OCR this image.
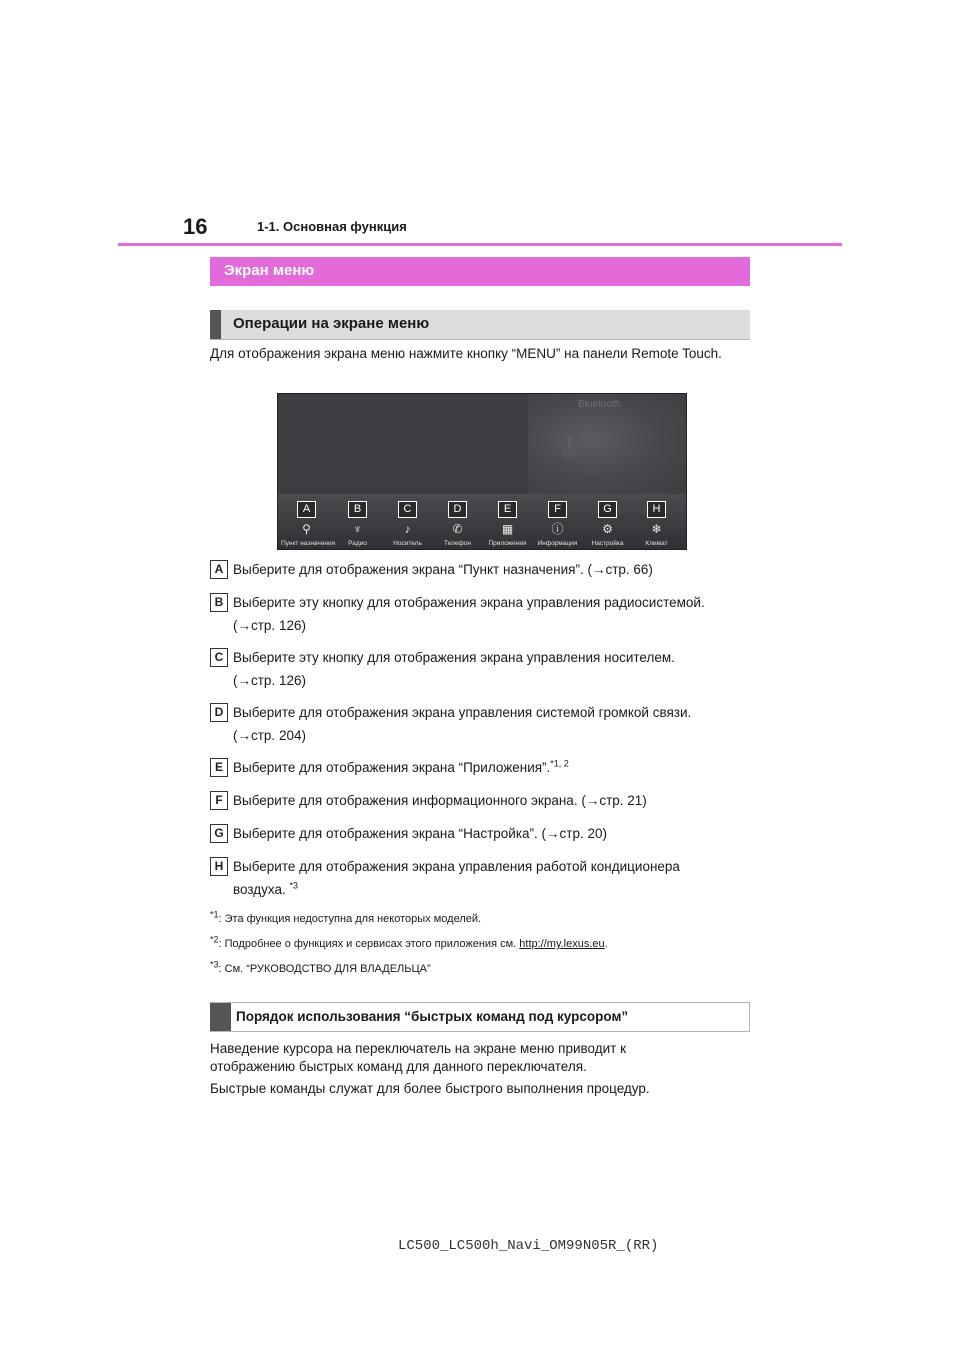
16	1-1. Основная функция
Экран меню
Операции на экране меню
Для отображения экрана меню нажмите кнопку “MENU” на панели Remote Touch.
Bluetooth
ᛒ
A
⚲
Пункт назначения
B
♆
Радио
C
♪
Носитель
D
✆
Телефон
E
▦
Приложения
F
ⓘ
Информация
G
⚙
Настройка
H
❄
Климат
A Выберите для отображения экрана “Пункт назначения”. (→стр. 66)
B Выберите эту кнопку для отображения экрана управления радиосистемой.
(→стр. 126)
C Выберите эту кнопку для отображения экрана управления носителем.
(→стр. 126)
D Выберите для отображения экрана управления системой громкой связи.
(→стр. 204)
E Выберите для отображения экрана “Приложения”.$^{*1, 2}$
F Выберите для отображения информационного экрана. (→стр. 21)
G Выберите для отображения экрана “Настройка”. (→стр. 20)
H Выберите для отображения экрана управления работой кондиционера
воздуха. $^{*3}$
$^{*1}$: Эта функция недоступна для некоторых моделей.
$^{*2}$: Подробнее о функциях и сервисах этого приложения см. http://my.lexus.eu.
$^{*3}$: См. “РУКОВОДСТВО ДЛЯ ВЛАДЕЛЬЦА”
Порядок использования “быстрых команд под курсором”
Наведение курсора на переключатель на экране меню приводит к отображению быстрых команд для данного переключателя.
Быстрые команды служат для более быстрого выполнения процедур.
LC500_LC500h_Navi_OM99N05R_(RR)
